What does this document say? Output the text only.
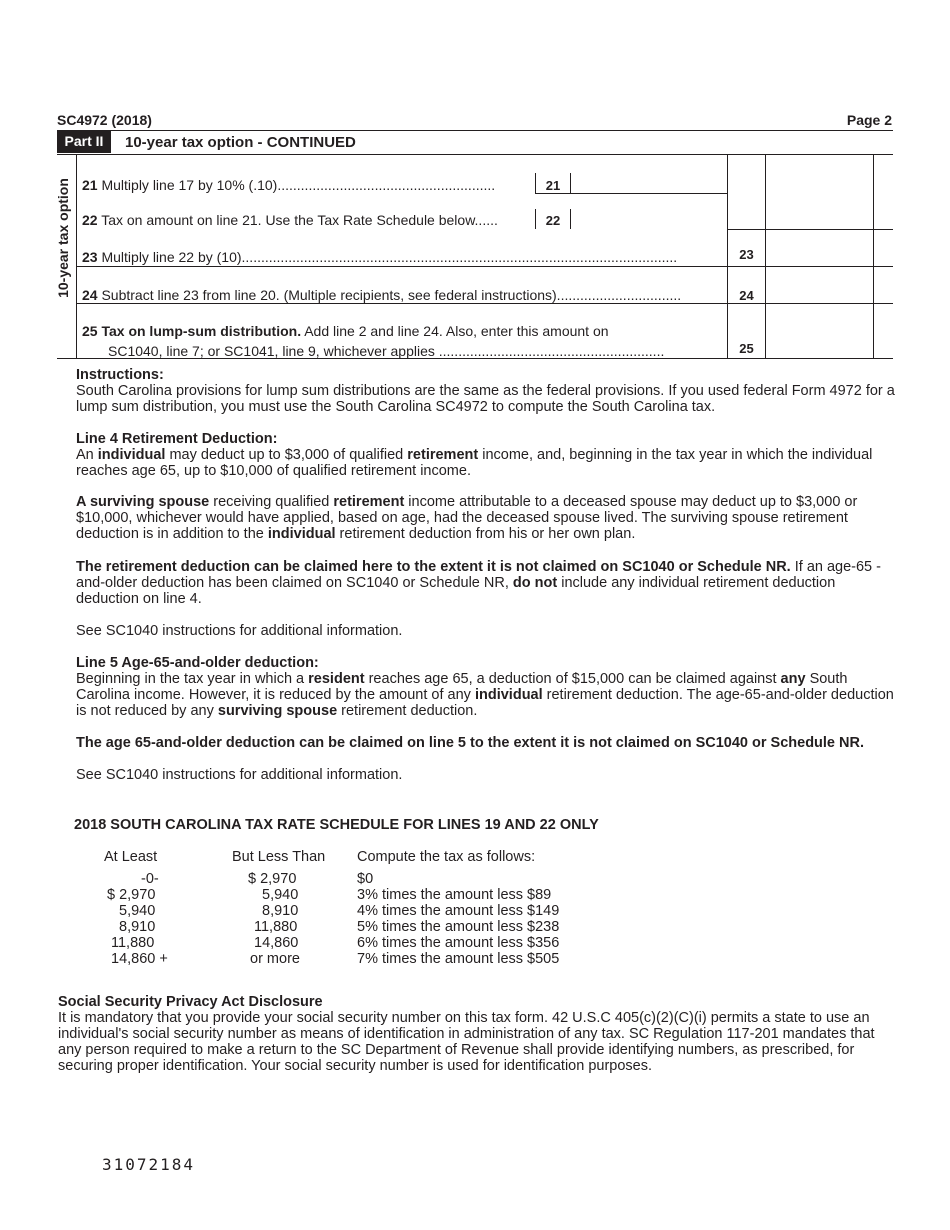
SC4972 (2018)	Page 2
Part II	10-year tax option - CONTINUED
10-year tax option 21 Multiply line 17 by 10% (.10)........................................................	21
22 Tax on amount on line 21. Use the Tax Rate Schedule below......	22
23 Multiply line 22 by (10)................................................................................................................	23
24 Subtract line 23 from line 20. (Multiple recipients, see federal instructions)................................	24
25 Tax on lump-sum distribution. Add line 2 and line 24. Also, enter this amount on
SC1040, line 7; or SC1041, line 9, whichever applies ..........................................................	25

Instructions:

South Carolina provisions for lump sum distributions are the same as the federal provisions. If you used federal Form 4972 for a lump sum distribution, you must use the South Carolina SC4972 to compute the South Carolina tax.

Line 4 Retirement Deduction:

An individual may deduct up to $3,000 of qualified retirement income, and, beginning in the tax year in which the individual reaches age 65, up to $10,000 of qualified retirement income.

A surviving spouse receiving qualified retirement income attributable to a deceased spouse may deduct up to $3,000 or $10,000, whichever would have applied, based on age, had the deceased spouse lived. The surviving spouse retirement deduction is in addition to the individual retirement deduction from his or her own plan.

The retirement deduction can be claimed here to the extent it is not claimed on SC1040 or Schedule NR. If an age-65 -and-older deduction has been claimed on SC1040 or Schedule NR, do not include any individual retirement deduction deduction on line 4.

See SC1040 instructions for additional information.

Line 5 Age-65-and-older deduction:

Beginning in the tax year in which a resident reaches age 65, a deduction of $15,000 can be claimed against any South Carolina income. However, it is reduced by the amount of any individual retirement deduction. The age-65-and-older deduction is not reduced by any surviving spouse retirement deduction.

The age 65-and-older deduction can be claimed on line 5 to the extent it is not claimed on SC1040 or Schedule NR.
See SC1040 instructions for additional information.
2018 SOUTH CAROLINA TAX RATE SCHEDULE FOR LINES 19 AND 22 ONLY
At Least	But Less Than	Compute the tax as follows:
-0-	$ 2,970	$0
$ 2,970	5,940	3% times the amount less $89
5,940	8,910	4% times the amount less $149
8,910	11,880	5% times the amount less $238
11,880	14,860	6% times the amount less $356
14,860 +	or more	7% times the amount less $505

Social Security Privacy Act Disclosure

It is mandatory that you provide your social security number on this tax form. 42 U.S.C 405(c)(2)(C)(i) permits a state to use an individual's social security number as means of identification in administration of any tax. SC Regulation 117-201 mandates that any person required to make a return to the SC Department of Revenue shall provide identifying numbers, as prescribed, for securing proper identification. Your social security number is used for identification purposes.

31072184
